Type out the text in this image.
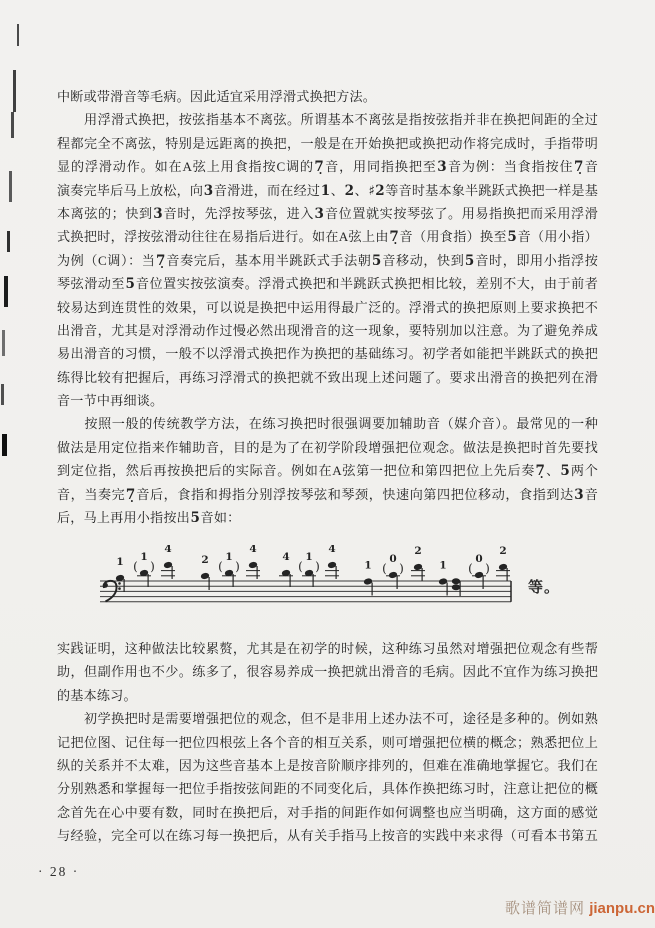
中断或带滑音等毛病。因此适宜采用浮滑式换把方法。
　　用浮滑式换把，按弦指基本不离弦。所谓基本不离弦是指按弦指并非在换把间距的全过
程都完全不离弦，特别是远距离的换把，一般是在开始换把或换把动作将完成时，手指带明
显的浮滑动作。如在A弦上用食指按C调的7̣音，用同指换把至3音为例：当食指按住7̣音
演奏完毕后马上放松，向3音滑进，而在经过1、2、♯2等音时基本象半跳跃式换把一样是基
本离弦的；快到3音时，先浮按琴弦，进入3音位置就实按琴弦了。用易指换把而采用浮滑
式换把时，浮按弦滑动往往在易指后进行。如在A弦上由7̣音（用食指）换至5音（用小指）
为例（C调）：当7̣音奏完后，基本用半跳跃式手法朝5音移动，快到5音时，即用小指浮按
琴弦滑动至5音位置实按弦演奏。浮滑式换把和半跳跃式换把相比较，差别不大，由于前者
较易达到连贯性的效果，可以说是换把中运用得最广泛的。浮滑式的换把原则上要求换把不
出滑音，尤其是对浮滑动作过慢必然出现滑音的这一现象，要特别加以注意。为了避免养成
易出滑音的习惯，一般不以浮滑式换把作为换把的基础练习。初学者如能把半跳跃式的换把
练得比较有把握后，再练习浮滑式的换把就不致出现上述问题了。要求出滑音的换把列在滑
音一节中再细谈。
　　按照一般的传统教学方法，在练习换把时很强调要加辅助音（媒介音）。最常见的一种
做法是用定位指来作辅助音，目的是为了在初学阶段增强把位观念。做法是换把时首先要找
到定位指，然后再按换把后的实际音。例如在A弦第一把位和第四把位上先后奏7̣、5两个
音，当奏完7̣音后，食指和拇指分别浮按琴弦和琴颈，快速向第四把位移动，食指到达3音
后，马上再用小指按出5音如：
1 1
( )
4
2 1
( )
4
4 1
( )
4
1
0
( )
2
1
0
( )
2
等。
实践证明，这种做法比较累赘，尤其是在初学的时候，这种练习虽然对增强把位观念有些帮
助，但副作用也不少。练多了，很容易养成一换把就出滑音的毛病。因此不宜作为练习换把
的基本练习。
　　初学换把时是需要增强把位的观念，但不是非用上述办法不可，途径是多种的。例如熟
记把位图、记住每一把位四根弦上各个音的相互关系，则可增强把位横的概念；熟悉把位上
纵的关系并不太难，因为这些音基本上是按音阶顺序排列的，但难在准确地掌握它。我们在
分别熟悉和掌握每一把位手指按弦间距的不同变化后，具体作换把练习时，注意让把位的概
念首先在心中要有数，同时在换把后，对手指的间距作如何调整也应当明确，这方面的感觉
与经验，完全可以在练习每一换把后，从有关手指马上按音的实践中来求得（可看本书第五
· 28 ·
歌谱简谱网 jianpu.cn
